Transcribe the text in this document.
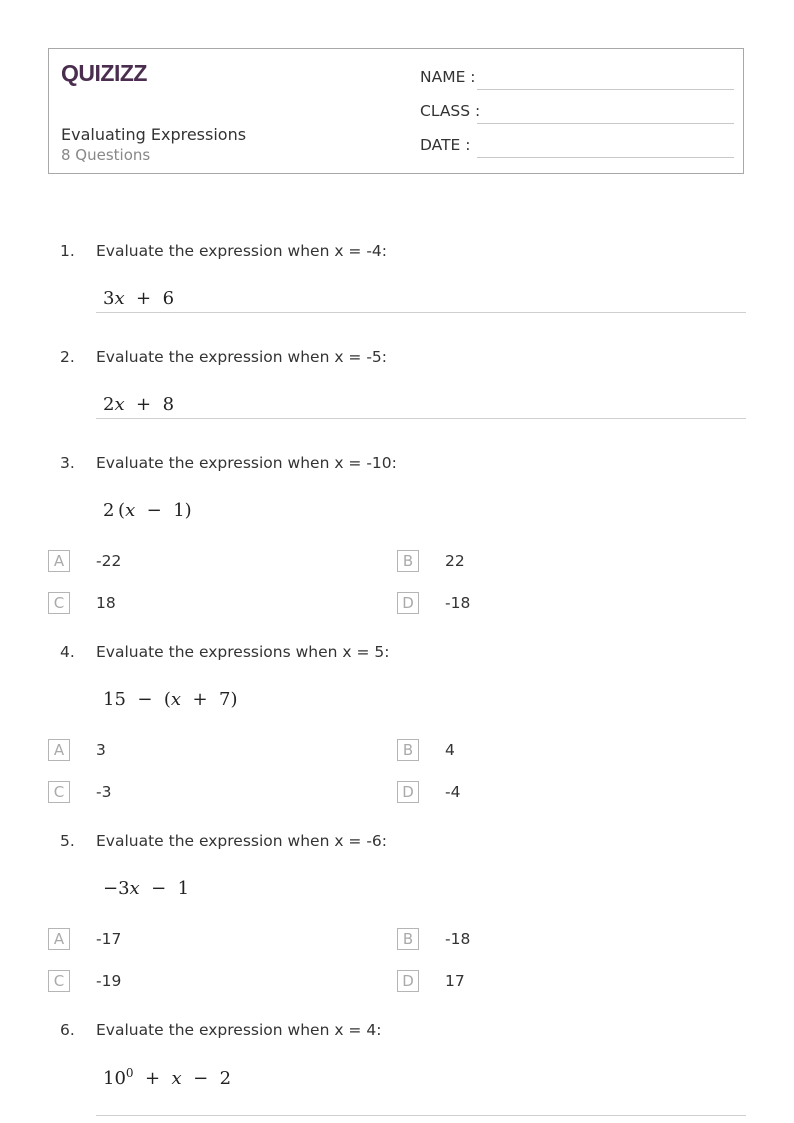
QUIZIZZ
Evaluating Expressions
8 Questions
NAME :
CLASS :
DATE :
1. Evaluate the expression when x = -4:
3x  +  6
2. Evaluate the expression when x = -5:
2x  +  8
3. Evaluate the expression when x = -10:
2 (x  −  1)
A	-22	B	22
C	18	D	-18
4. Evaluate the expressions when x = 5:
15  −  (x  +  7)
A	3	B	4
C	-3	D	-4
5. Evaluate the expression when x = -6:
−3x  −  1
A	-17	B	-18
C	-19	D	17
6. Evaluate the expression when x = 4:
$10^0 + x - 2$
